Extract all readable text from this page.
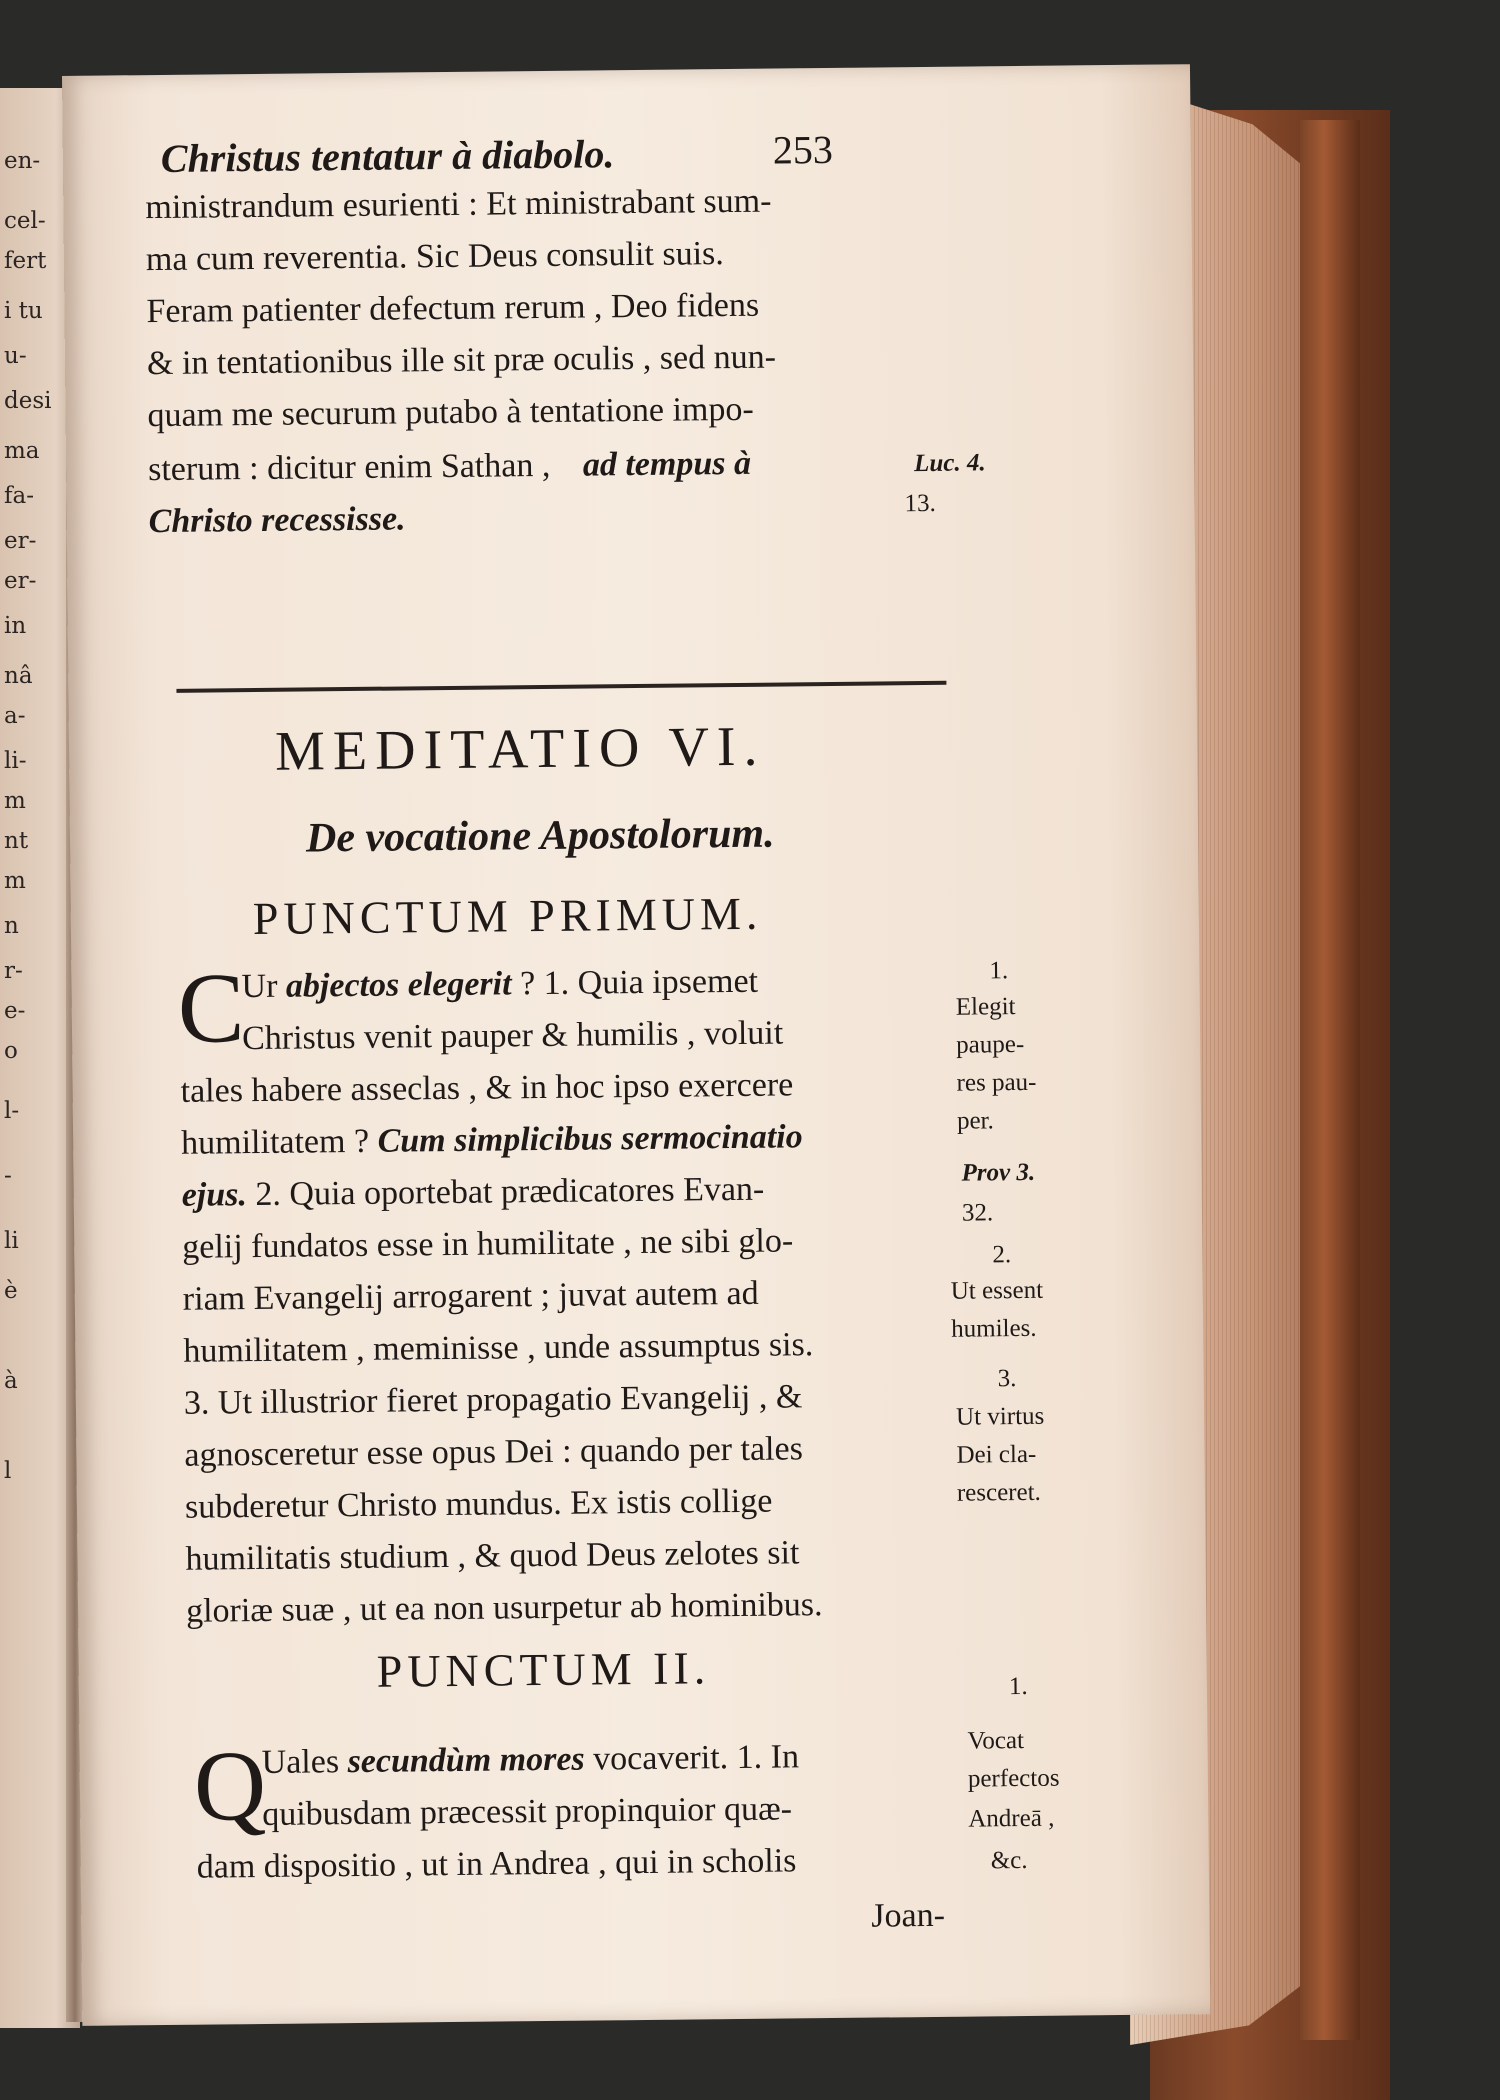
en-
cel-
fert
i tu
u-
desi
ma
fa-
er-
er-
in
nâ
a-
li-
m
nt
m
n
r-
e-
o
l-
-
li
è
à
l
Christus tentatur à diabolo.	253
ministrandum esurienti : Et ministrabant sum-
ma cum reverentia. Sic Deus consulit suis.
Feram patienter defectum rerum , Deo fidens
& in tentationibus ille sit præ oculis , sed nun-
quam me securum putabo à tentatione impo-
sterum : dicitur enim Sathan , ad tempus à
Christo recessisse.
Luc. 4.
13.
MEDITATIO VI.
De vocatione Apostolorum.
PUNCTUM PRIMUM.
C
Ur abjectos elegerit ? 1. Quia ipsemet
Christus venit pauper & humilis , voluit
tales habere asseclas , & in hoc ipso exercere
humilitatem ? Cum simplicibus sermocinatio
ejus. 2. Quia oportebat prædicatores Evan-
gelij fundatos esse in humilitate , ne sibi glo-
riam Evangelij arrogarent ; juvat autem ad
humilitatem , meminisse , unde assumptus sis.
3. Ut illustrior fieret propagatio Evangelij , &
agnosceretur esse opus Dei : quando per tales
subderetur Christo mundus. Ex istis collige
humilitatis studium , & quod Deus zelotes sit
gloriæ suæ , ut ea non usurpetur ab hominibus.
1.
Elegit
paupe-
res pau-
per.
Prov 3.
32.
2.
Ut essent
humiles.
3.
Ut virtus
Dei cla-
resceret.
PUNCTUM II.
Q
Uales secundùm mores vocaverit. 1. In
quibusdam præcessit propinquior quæ-
dam dispositio , ut in Andrea , qui in scholis
Joan-
1.
Vocat
perfectos
Andreā ,
&c.
